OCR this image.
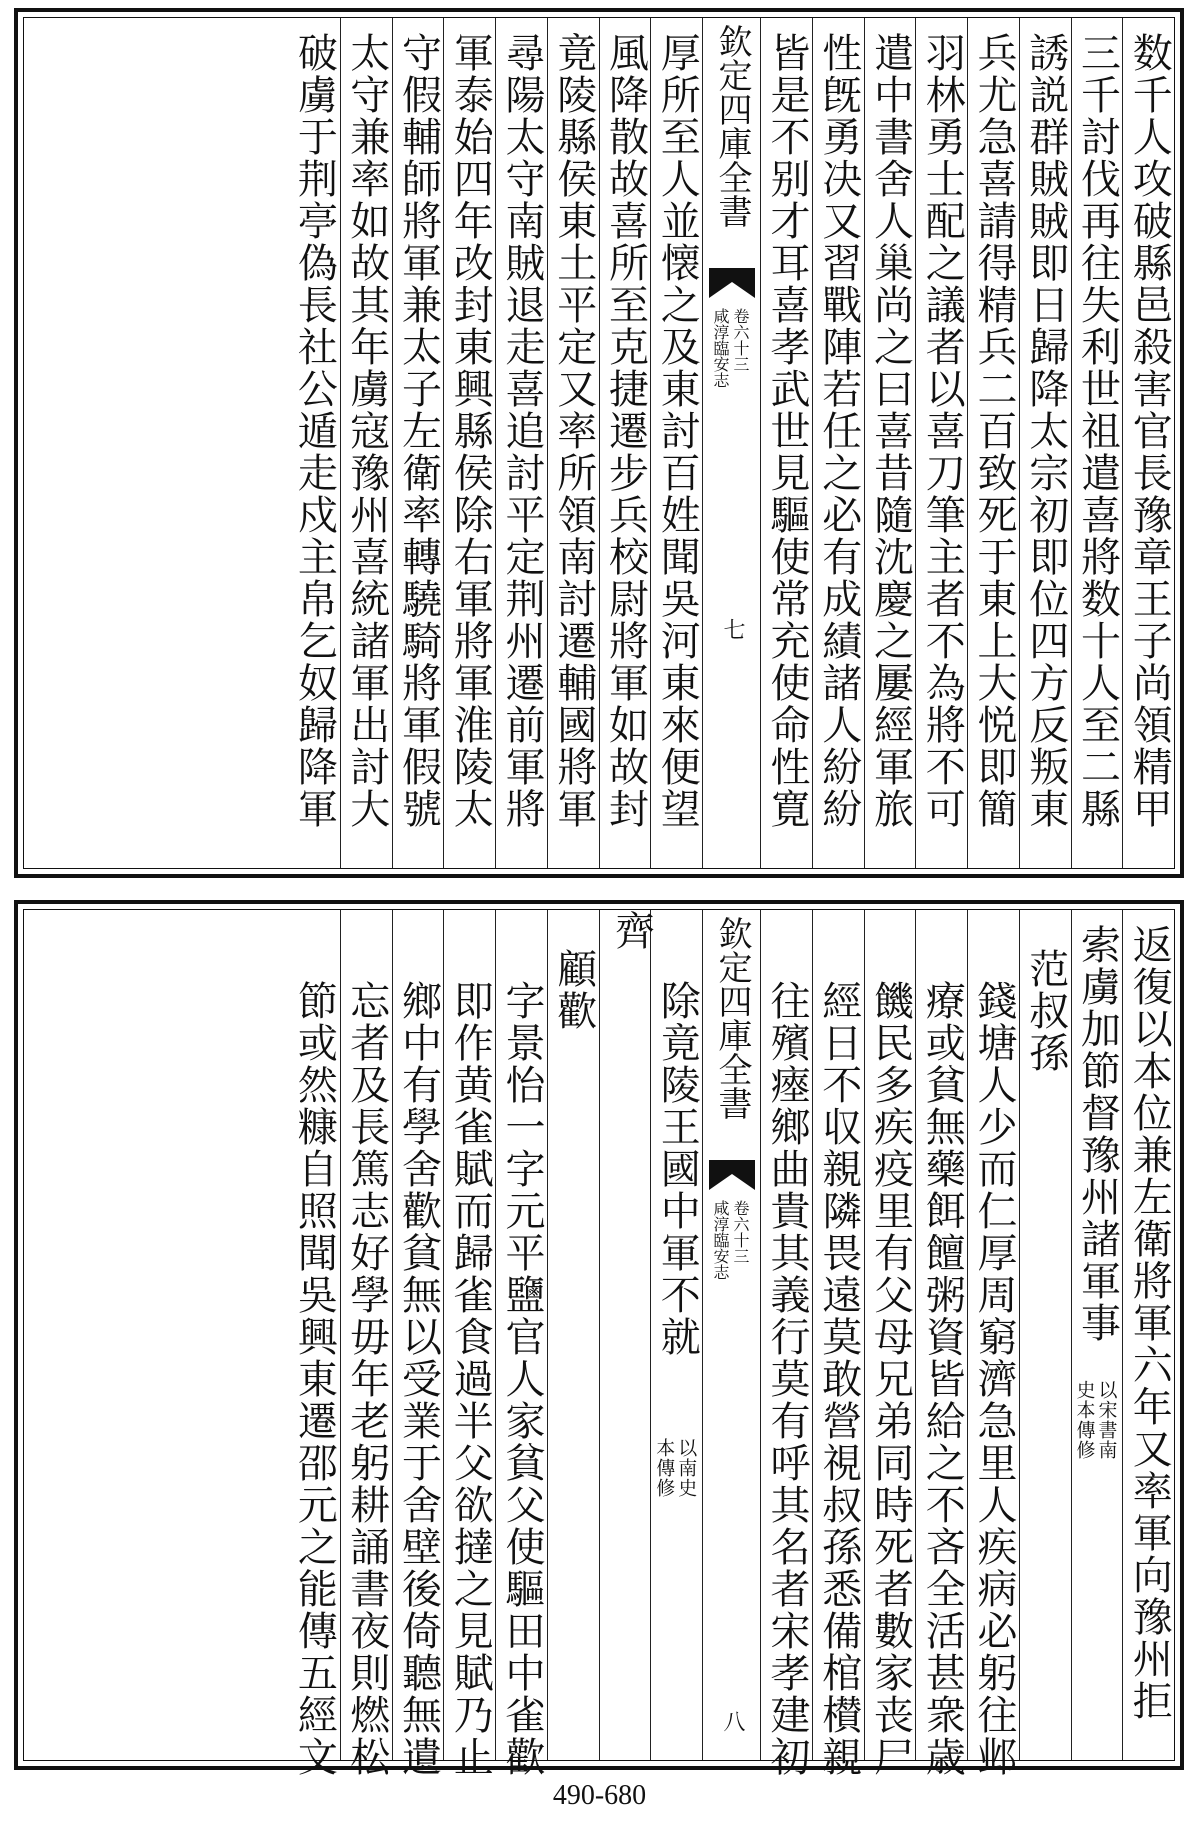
数千人攻破縣邑殺害官長豫章王子尚領精甲
三千討伐再往失利世祖遣喜將数十人至二縣
誘説群賊賊即日歸降太宗初即位四方反叛東
兵尤急喜請得精兵二百致死于東上大悦即簡
羽林勇士配之議者以喜刀筆主者不為將不可
遣中書舍人巢尚之曰喜昔隨沈慶之屢經軍旅
性旣勇决又習戰陣若任之必有成績諸人紛紛
皆是不别才耳喜孝武世見驅使常充使命性寛
欽定四庫全書
咸淳臨安志 卷六十三
七
厚所至人並懐之及東討百姓聞吳河東來便望
風降散故喜所至克捷遷步兵校尉將軍如故封
竟陵縣侯東土平定又率所領南討遷輔國將軍
尋陽太守南賊退走喜追討平定荆州遷前軍將
軍泰始四年改封東興縣侯除右軍將軍淮陵太
守假輔師將軍兼太子左衛率轉驍騎將軍假號
太守兼率如故其年虜寇豫州喜統諸軍出討大
破虜于荆亭偽長社公遁走戍主帛乞奴歸降軍
返復以本位兼左衛將軍六年又率軍向豫州拒
索虜加節督豫州諸軍事
以宋書南
史本傳修
范叔孫
錢塘人少而仁厚周窮濟急里人疾病必躬往邺
療或貧無藥餌饘粥資皆給之不吝全活甚衆歳
饑民多疾疫里有父母兄弟同時死者數家丧尸
經日不収親隣畏遠莫敢營視叔孫悉備棺櫕親
往殯瘞鄉曲貴其義行莫有呼其名者宋孝建初
欽定四庫全書
咸淳臨安志 卷六十三
八
除竟陵王國中軍不就
以南史
本傳修
齊
顧歡
字景怡一字元平鹽官人家貧父使驅田中雀歡
即作黄雀賦而歸雀食過半父欲撻之見賦乃止
鄉中有學舍歡貧無以受業于舍壁後倚聽無遺
忘者及長篤志好學毋年老躬耕誦書夜則燃松
節或然糠自照聞吳興東遷邵元之能傳五經文
490-680
